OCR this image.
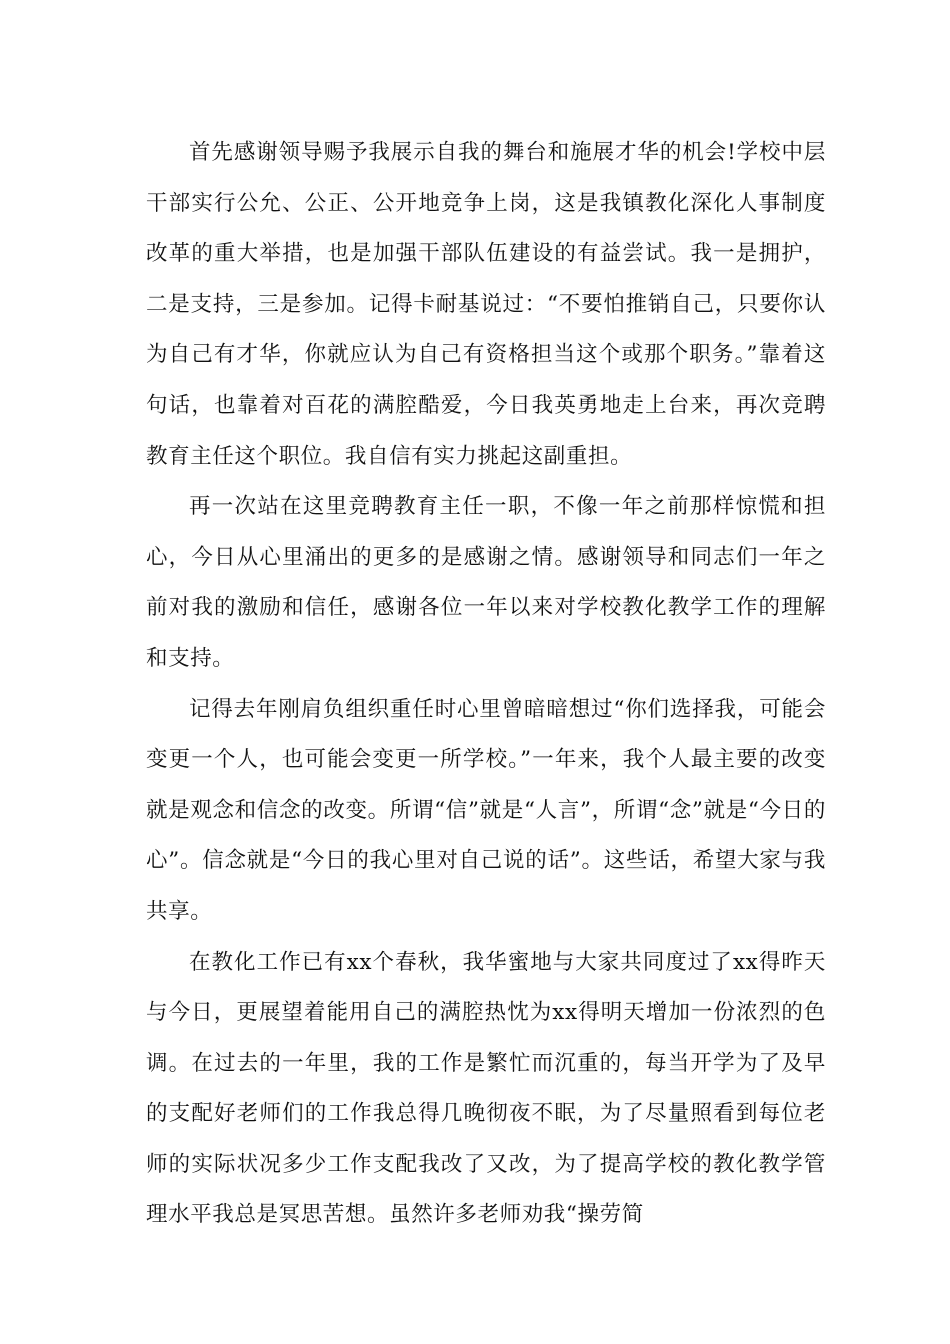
首先感谢领导赐予我展示自我的舞台和施展才华的机会!学校中层干部实行公允、公正、公开地竞争上岗，这是我镇教化深化人事制度改革的重大举措，也是加强干部队伍建设的有益尝试。我一是拥护，二是支持，三是参加。记得卡耐基说过：“不要怕推销自己，只要你认为自己有才华，你就应认为自己有资格担当这个或那个职务。”靠着这句话，也靠着对百花的满腔酷爱，今日我英勇地走上台来，再次竞聘教育主任这个职位。我自信有实力挑起这副重担。

再一次站在这里竞聘教育主任一职，不像一年之前那样惊慌和担心，今日从心里涌出的更多的是感谢之情。感谢领导和同志们一年之前对我的激励和信任，感谢各位一年以来对学校教化教学工作的理解和支持。

记得去年刚肩负组织重任时心里曾暗暗想过“你们选择我，可能会变更一个人，也可能会变更一所学校。”一年来，我个人最主要的改变就是观念和信念的改变。所谓“信”就是“人言”，所谓“念”就是“今日的心”。信念就是“今日的我心里对自己说的话”。这些话，希望大家与我共享。

在教化工作已有xx个春秋，我华蜜地与大家共同度过了xx得昨天与今日，更展望着能用自己的满腔热忱为xx得明天增加一份浓烈的色调。在过去的一年里，我的工作是繁忙而沉重的，每当开学为了及早的支配好老师们的工作我总得几晚彻夜不眠，为了尽量照看到每位老师的实际状况多少工作支配我改了又改，为了提高学校的教化教学管理水平我总是冥思苦想。虽然许多老师劝我“操劳简
